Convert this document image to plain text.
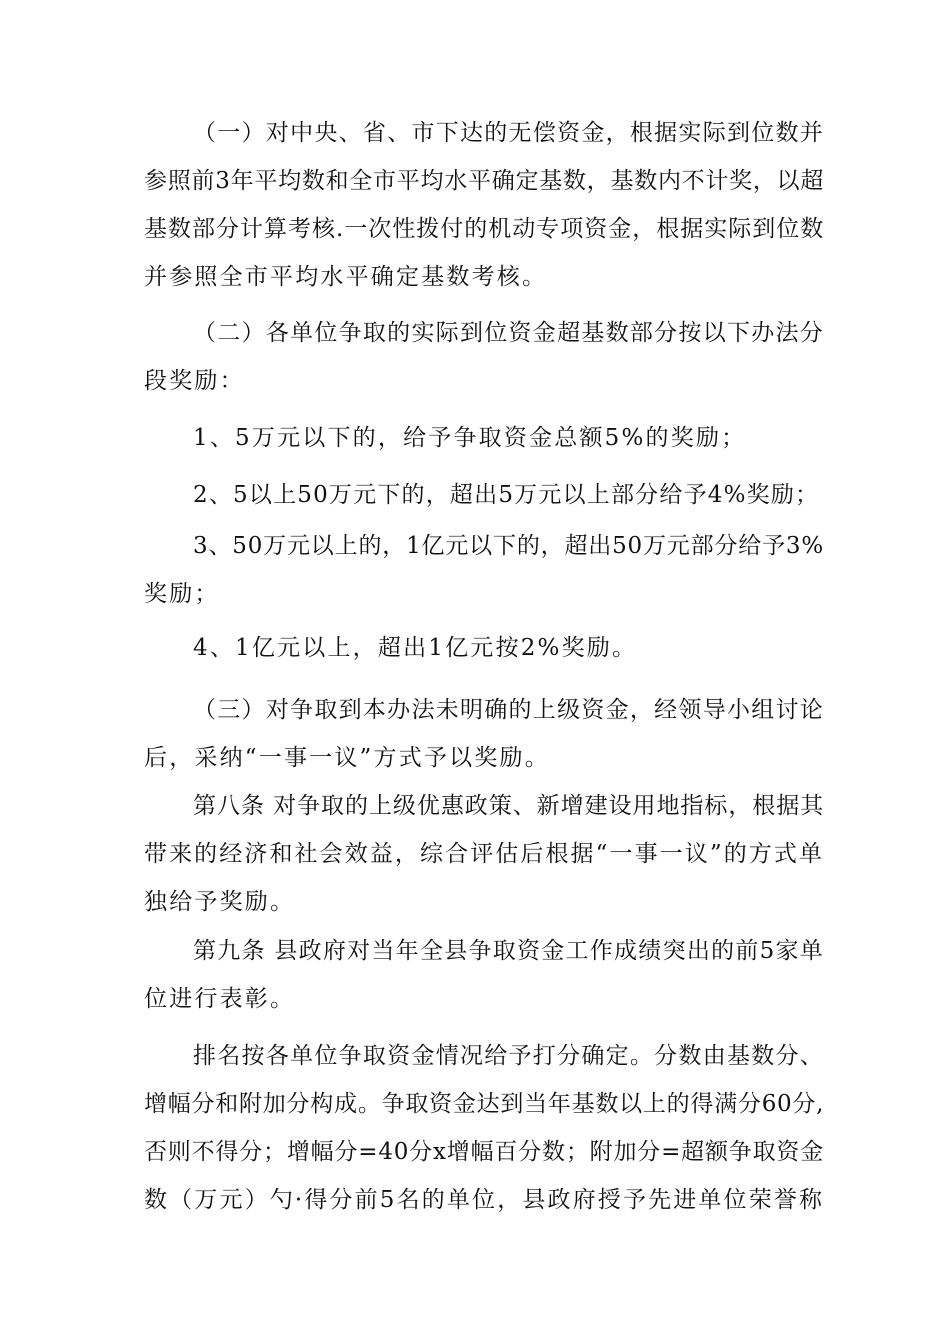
（一）对中央、省、市下达的无偿资金，根据实际到位数并
参照前3年平均数和全市平均水平确定基数，基数内不计奖，以超
基数部分计算考核.一次性拨付的机动专项资金，根据实际到位数
并参照全市平均水平确定基数考核。
（二）各单位争取的实际到位资金超基数部分按以下办法分
段奖励：
1、5万元以下的，给予争取资金总额5%的奖励；
2、5以上50万元下的，超出5万元以上部分给予4%奖励；
3、50万元以上的，1亿元以下的，超出50万元部分给予3%
奖励；
4、1亿元以上，超出1亿元按2%奖励。
（三）对争取到本办法未明确的上级资金，经领导小组讨论
后，采纳“一事一议”方式予以奖励。
第八条 对争取的上级优惠政策、新增建设用地指标，根据其
带来的经济和社会效益，综合评估后根据“一事一议”的方式单
独给予奖励。
第九条 县政府对当年全县争取资金工作成绩突出的前5家单
位进行表彰。
排名按各单位争取资金情况给予打分确定。分数由基数分、
增幅分和附加分构成。争取资金达到当年基数以上的得满分60分,
否则不得分；增幅分=40分x增幅百分数；附加分=超额争取资金
数（万元）勺·得分前5名的单位，县政府授予先进单位荣誉称
